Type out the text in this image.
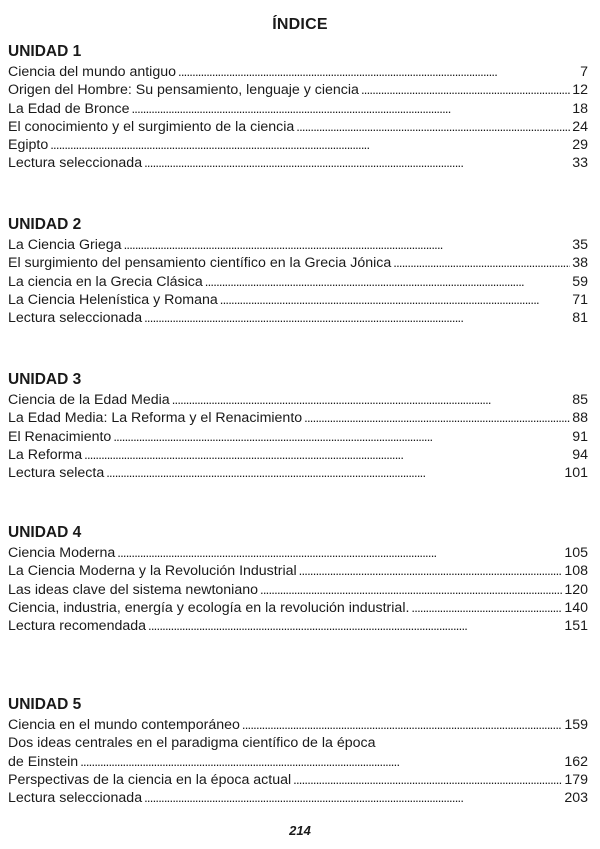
ÍNDICE
UNIDAD 1
Ciencia del mundo antiguo . . .	7
Origen del Hombre: Su pensamiento, lenguaje y ciencia . . .	12
La Edad de Bronce . . .	18
El conocimiento y el surgimiento de la ciencia . . .	24
Egipto . . .	29
Lectura seleccionada . . .	33
UNIDAD 2
La Ciencia Griega . . .	35
El surgimiento del pensamiento científico en la Grecia Jónica . . .	38
La ciencia en la Grecia Clásica . . .	59
La Ciencia Helenística y Romana . . .	71
Lectura seleccionada . . .	81
UNIDAD 3
Ciencia de la Edad Media . . .	85
La Edad Media: La Reforma y el Renacimiento . . .	88
El Renacimiento . . .	91
La Reforma . . .	94
Lectura selecta . . .	101
UNIDAD 4
Ciencia Moderna . . .	105
La Ciencia Moderna y la Revolución Industrial . . .	108
Las ideas clave del sistema newtoniano . . .	120
Ciencia, industria, energía y ecología en la revolución industrial. . . .	140
Lectura recomendada . . .	151
UNIDAD 5
Ciencia en el mundo contemporáneo . . .	159
Dos ideas centrales en el paradigma científico de la época
de Einstein . . .	162
Perspectivas de la ciencia en la época actual . . .	179
Lectura seleccionada . . .	203
214
